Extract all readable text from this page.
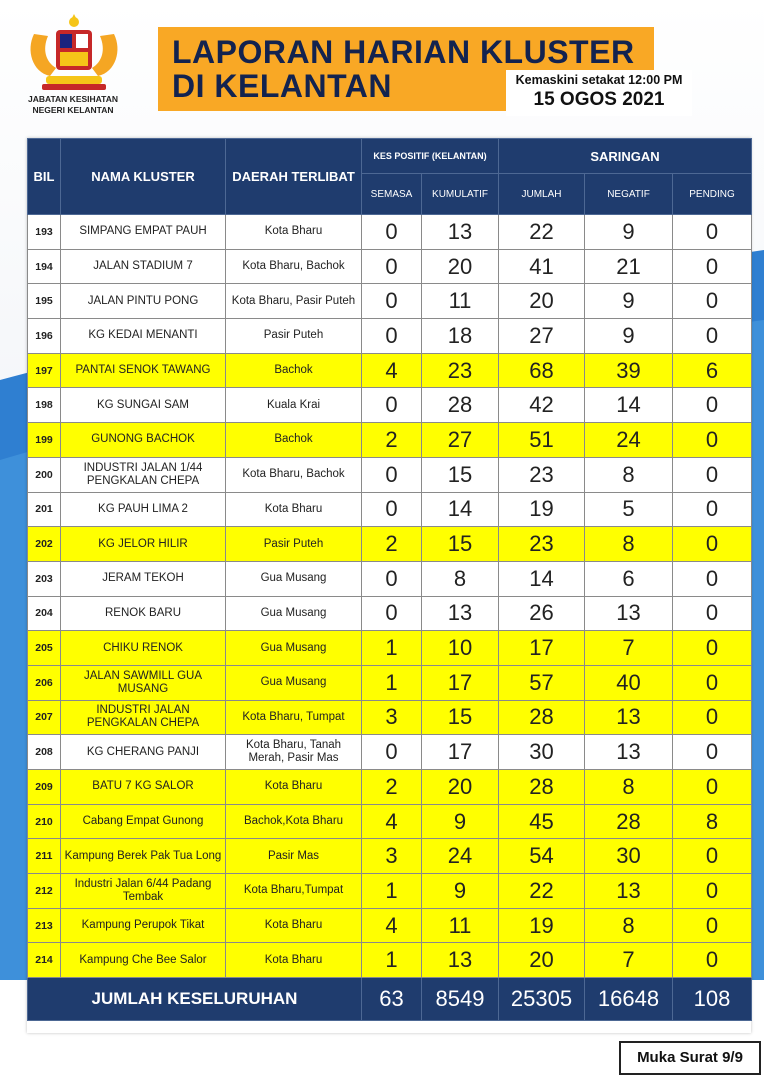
JABATAN KESIHATAN
NEGERI KELANTAN
LAPORAN HARIAN KLUSTER
DI KELANTAN	Kemaskini setakat 12:00 PM
15 OGOS 2021
BIL	NAMA KLUSTER	DAERAH TERLIBAT	KES POSITIF (KELANTAN)		SARINGAN		
			SEMASA	KUMULATIF	JUMLAH	NEGATIF	PENDING
193	SIMPANG EMPAT PAUH	Kota Bharu	0	13	22	9	0
194	JALAN STADIUM 7	Kota Bharu, Bachok	0	20	41	21	0
195	JALAN PINTU PONG	Kota Bharu, Pasir Puteh	0	11	20	9	0
196	KG KEDAI MENANTI	Pasir Puteh	0	18	27	9	0
197	PANTAI SENOK TAWANG	Bachok	4	23	68	39	6
198	KG SUNGAI SAM	Kuala Krai	0	28	42	14	0
199	GUNONG BACHOK	Bachok	2	27	51	24	0
200	INDUSTRI JALAN 1/44 PENGKALAN CHEPA	Kota Bharu, Bachok	0	15	23	8	0
201	KG PAUH LIMA 2	Kota Bharu	0	14	19	5	0
202	KG JELOR HILIR	Pasir Puteh	2	15	23	8	0
203	JERAM TEKOH	Gua Musang	0	8	14	6	0
204	RENOK BARU	Gua Musang	0	13	26	13	0
205	CHIKU RENOK	Gua Musang	1	10	17	7	0
206	JALAN SAWMILL GUA MUSANG	Gua Musang	1	17	57	40	0
207	INDUSTRI JALAN PENGKALAN CHEPA	Kota Bharu, Tumpat	3	15	28	13	0
208	KG CHERANG PANJI	Kota Bharu, Tanah Merah, Pasir Mas	0	17	30	13	0
209	BATU 7 KG SALOR	Kota Bharu	2	20	28	8	0
210	Cabang Empat Gunong	Bachok,Kota Bharu	4	9	45	28	8
211	Kampung Berek Pak Tua Long	Pasir Mas	3	24	54	30	0
212	Industri Jalan 6/44 Padang Tembak	Kota Bharu,Tumpat	1	9	22	13	0
213	Kampung Perupok Tikat	Kota Bharu	4	11	19	8	0
214	Kampung Che Bee Salor	Kota Bharu	1	13	20	7	0
JUMLAH KESELURUHAN			63	8549	25305	16648	108
Muka Surat 9/9
